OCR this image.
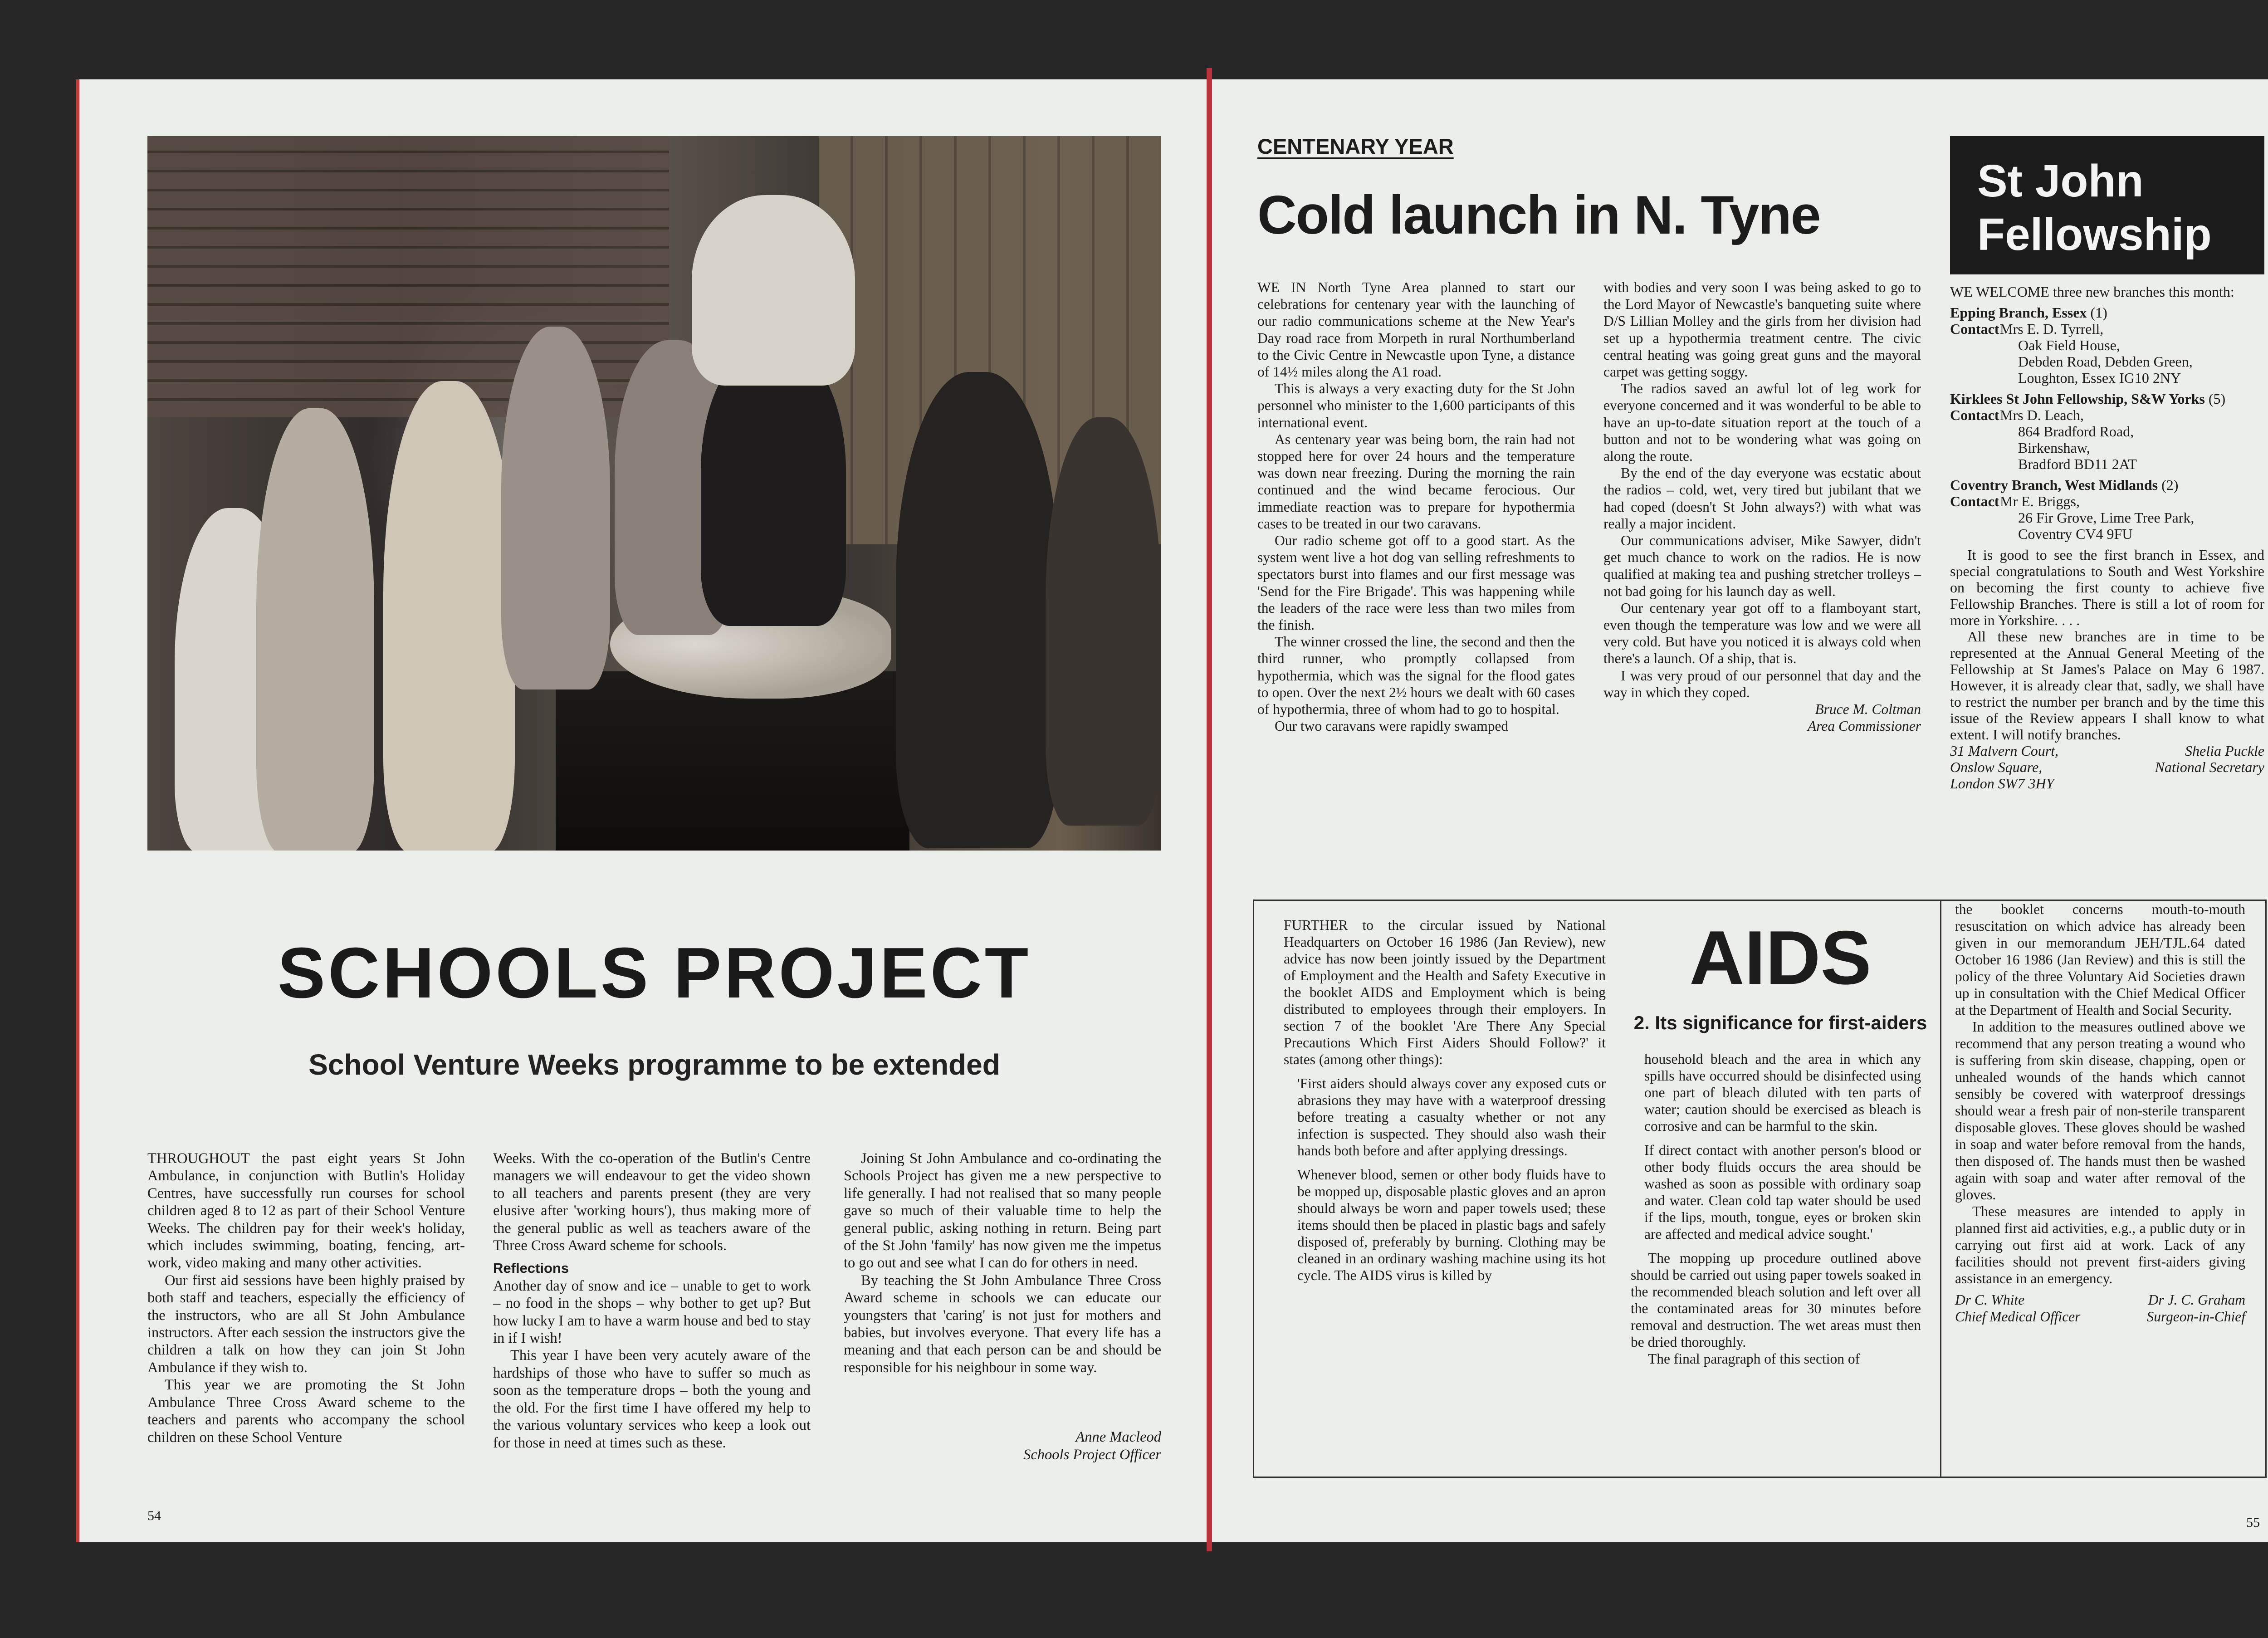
SCHOOLS PROJECT
School Venture Weeks programme to be extended

THROUGHOUT the past eight years St John Ambulance, in conjunction with Butlin's Holiday Centres, have successfully run courses for school children aged 8 to 12 as part of their School Venture Weeks. The children pay for their week's holiday, which includes swimming, boating, fencing, art-work, video making and many other activities.

Our first aid sessions have been highly praised by both staff and teachers, especially the efficiency of the instructors, who are all St John Ambulance instructors. After each session the instructors give the children a talk on how they can join St John Ambulance if they wish to.

This year we are promoting the St John Ambulance Three Cross Award scheme to the teachers and parents who accompany the school children on these School Venture

Weeks. With the co-operation of the Butlin's Centre managers we will endeavour to get the video shown to all teachers and parents present (they are very elusive after 'working hours'), thus making more of the general public as well as teachers aware of the Three Cross Award scheme for schools.

Reflections

Another day of snow and ice – unable to get to work – no food in the shops – why bother to get up? But how lucky I am to have a warm house and bed to stay in if I wish!

This year I have been very acutely aware of the hardships of those who have to suffer so much as soon as the temperature drops – both the young and the old. For the first time I have offered my help to the various voluntary services who keep a look out for those in need at times such as these.

Joining St John Ambulance and co-ordinating the Schools Project has given me a new perspective to life generally. I had not realised that so many people gave so much of their valuable time to help the general public, asking nothing in return. Being part of the St John 'family' has now given me the impetus to go out and see what I can do for others in need.

By teaching the St John Ambulance Three Cross Award scheme in schools we can educate our youngsters that 'caring' is not just for mothers and babies, but involves everyone. That every life has a meaning and that each person can be and should be responsible for his neighbour in some way.

Anne Macleod

Schools Project Officer

54
CENTENARY YEAR
Cold launch in N. Tyne

WE IN North Tyne Area planned to start our celebrations for centenary year with the launching of our radio communications scheme at the New Year's Day road race from Morpeth in rural Northumberland to the Civic Centre in Newcastle upon Tyne, a distance of 14½ miles along the A1 road.

This is always a very exacting duty for the St John personnel who minister to the 1,600 participants of this international event.

As centenary year was being born, the rain had not stopped here for over 24 hours and the temperature was down near freezing. During the morning the rain continued and the wind became ferocious. Our immediate reaction was to prepare for hypothermia cases to be treated in our two caravans.

Our radio scheme got off to a good start. As the system went live a hot dog van selling refreshments to spectators burst into flames and our first message was 'Send for the Fire Brigade'. This was happening while the leaders of the race were less than two miles from the finish.

The winner crossed the line, the second and then the third runner, who promptly collapsed from hypothermia, which was the signal for the flood gates to open. Over the next 2½ hours we dealt with 60 cases of hypothermia, three of whom had to go to hospital.

Our two caravans were rapidly swamped

with bodies and very soon I was being asked to go to the Lord Mayor of Newcastle's banqueting suite where D/S Lillian Molley and the girls from her division had set up a hypothermia treatment centre. The civic central heating was going great guns and the mayoral carpet was getting soggy.

The radios saved an awful lot of leg work for everyone concerned and it was wonderful to be able to have an up-to-date situation report at the touch of a button and not to be wondering what was going on along the route.

By the end of the day everyone was ecstatic about the radios – cold, wet, very tired but jubilant that we had coped (doesn't St John always?) with what was really a major incident.

Our communications adviser, Mike Sawyer, didn't get much chance to work on the radios. He is now qualified at making tea and pushing stretcher trolleys – not bad going for his launch day as well.

Our centenary year got off to a flamboyant start, even though the temperature was low and we were all very cold. But have you noticed it is always cold when there's a launch. Of a ship, that is.

I was very proud of our personnel that day and the way in which they coped.

Bruce M. Coltman

Area Commissioner

St John
Fellowship

WE WELCOME three new branches this month:

Epping Branch, Essex (1)
Contact Mrs E. D. Tyrrell,
Oak Field House,
Debden Road, Debden Green,
Loughton, Essex IG10 2NY
Kirklees St John Fellowship, S&W Yorks (5)
Contact Mrs D. Leach,
864 Bradford Road,
Birkenshaw,
Bradford BD11 2AT
Coventry Branch, West Midlands (2)
Contact Mr E. Briggs,
26 Fir Grove, Lime Tree Park,
Coventry CV4 9FU

It is good to see the first branch in Essex, and special congratulations to South and West Yorkshire on becoming the first county to achieve five Fellowship Branches. There is still a lot of room for more in Yorkshire. . . .

All these new branches are in time to be represented at the Annual General Meeting of the Fellowship at St James's Palace on May 6 1987. However, it is already clear that, sadly, we shall have to restrict the number per branch and by the time this issue of the Review appears I shall know to what extent. I will notify branches.

31 Malvern Court,	Shelia Puckle
Onslow Square,	National Secretary
London SW7 3HY
AIDS
2. Its significance for first-aiders

FURTHER to the circular issued by National Headquarters on October 16 1986 (Jan Review), new advice has now been jointly issued by the Department of Employment and the Health and Safety Executive in the booklet AIDS and Employment which is being distributed to employees through their employers. In section 7 of the booklet 'Are There Any Special Precautions Which First Aiders Should Follow?' it states (among other things):

'First aiders should always cover any exposed cuts or abrasions they may have with a waterproof dressing before treating a casualty whether or not any infection is suspected. They should also wash their hands both before and after applying dressings.

Whenever blood, semen or other body fluids have to be mopped up, disposable plastic gloves and an apron should always be worn and paper towels used; these items should then be placed in plastic bags and safely disposed of, preferably by burning. Clothing may be cleaned in an ordinary washing machine using its hot cycle. The AIDS virus is killed by

household bleach and the area in which any spills have occurred should be disinfected using one part of bleach diluted with ten parts of water; caution should be exercised as bleach is corrosive and can be harmful to the skin.

If direct contact with another person's blood or other body fluids occurs the area should be washed as soon as possible with ordinary soap and water. Clean cold tap water should be used if the lips, mouth, tongue, eyes or broken skin are affected and medical advice sought.'

The mopping up procedure outlined above should be carried out using paper towels soaked in the recommended bleach solution and left over all the contaminated areas for 30 minutes before removal and destruction. The wet areas must then be dried thoroughly.

The final paragraph of this section of

the booklet concerns mouth-to-mouth resuscitation on which advice has already been given in our memorandum JEH/TJL.64 dated October 16 1986 (Jan Review) and this is still the policy of the three Voluntary Aid Societies drawn up in consultation with the Chief Medical Officer at the Department of Health and Social Security.

In addition to the measures outlined above we recommend that any person treating a wound who is suffering from skin disease, chapping, open or unhealed wounds of the hands which cannot sensibly be covered with waterproof dressings should wear a fresh pair of non-sterile transparent disposable gloves. These gloves should be washed in soap and water before removal from the hands, then disposed of. The hands must then be washed again with soap and water after removal of the gloves.

These measures are intended to apply in planned first aid activities, e.g., a public duty or in carrying out first aid at work. Lack of any facilities should not prevent first-aiders giving assistance in an emergency.

Dr C. White	Dr J. C. Graham
Chief Medical Officer	Surgeon-in-Chief
55
